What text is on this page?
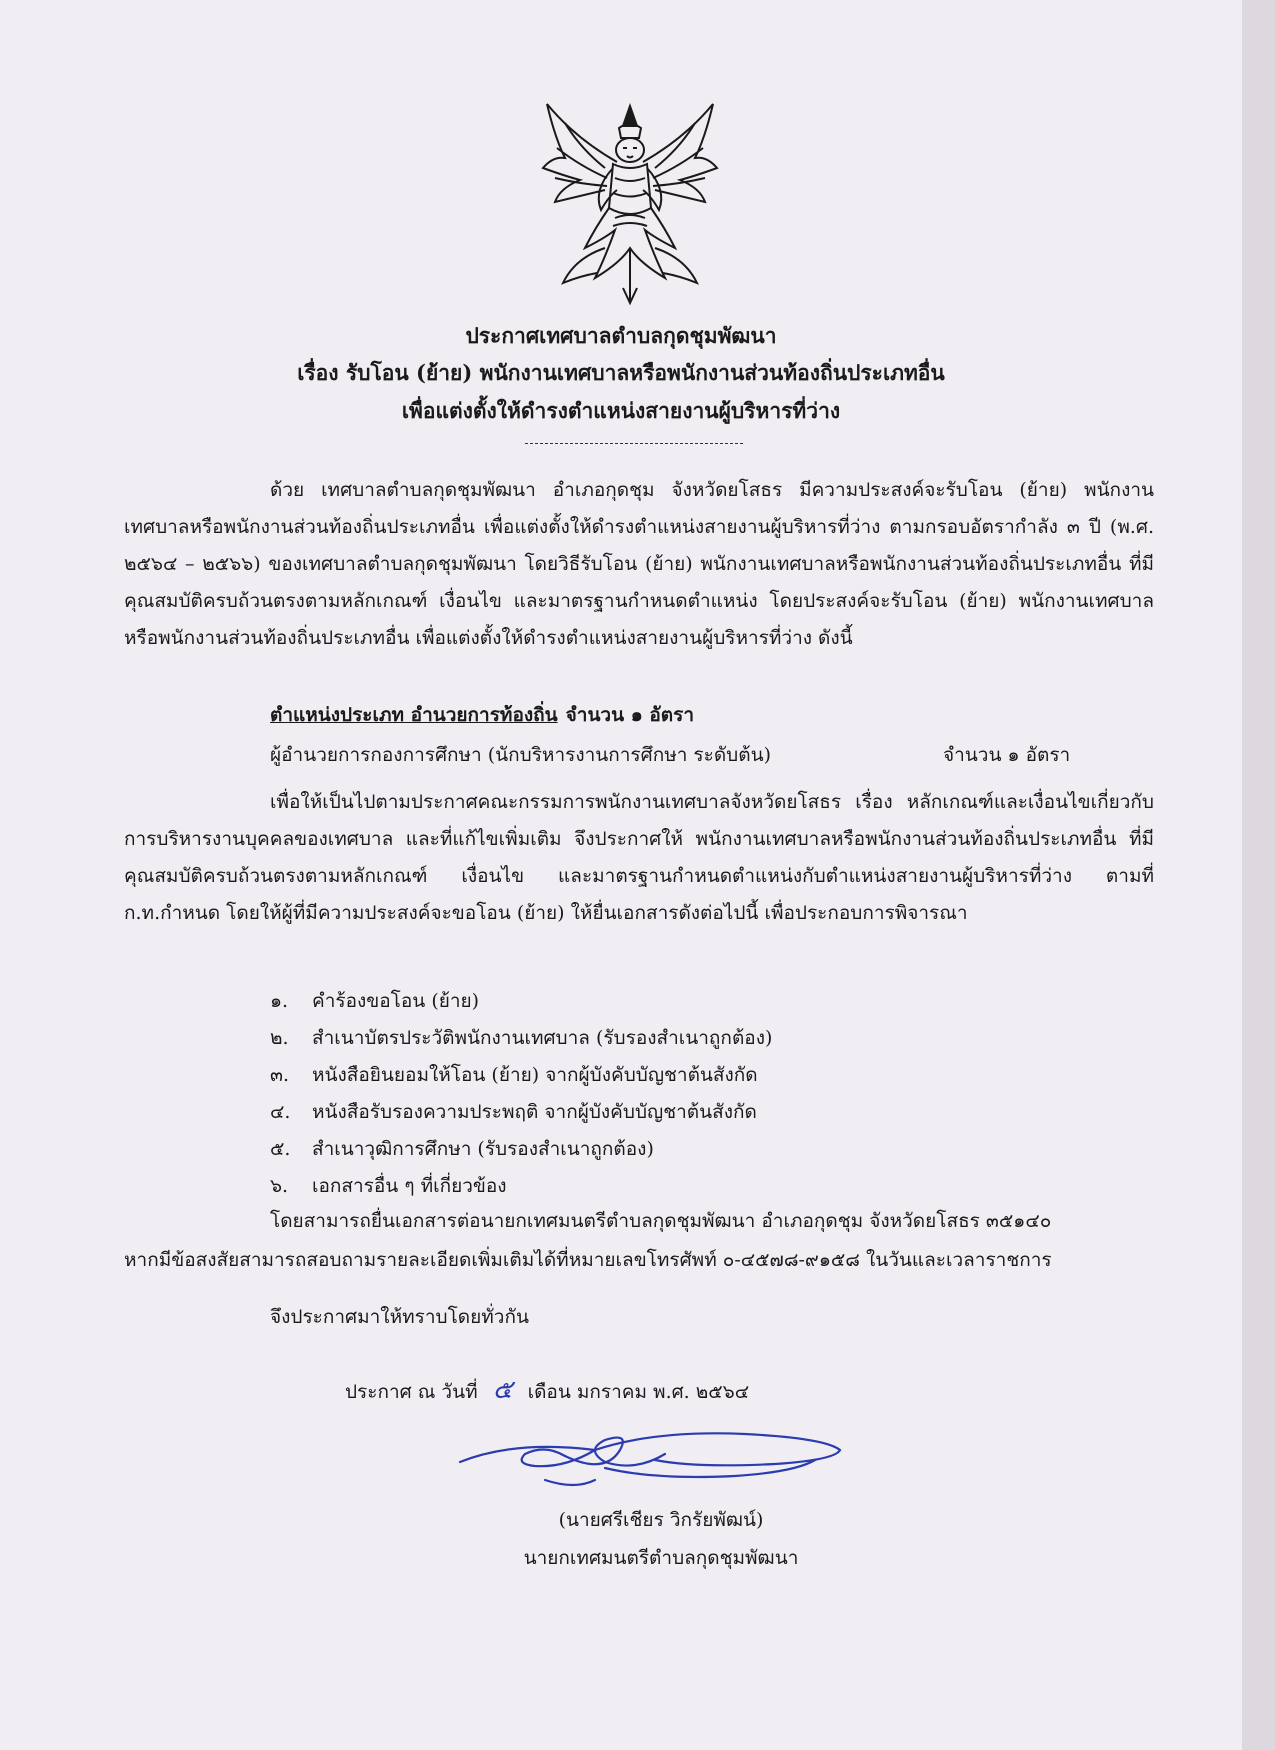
ประกาศเทศบาลตำบลกุดชุมพัฒนา
เรื่อง รับโอน (ย้าย) พนักงานเทศบาลหรือพนักงานส่วนท้องถิ่นประเภทอื่น
เพื่อแต่งตั้งให้ดำรงตำแหน่งสายงานผู้บริหารที่ว่าง
ด้วย เทศบาลตำบลกุดชุมพัฒนา อำเภอกุดชุม จังหวัดยโสธร มีความประสงค์จะรับโอน (ย้าย) พนักงานเทศบาลหรือพนักงานส่วนท้องถิ่นประเภทอื่น เพื่อแต่งตั้งให้ดำรงตำแหน่งสายงานผู้บริหารที่ว่าง ตามกรอบอัตรากำลัง ๓ ปี (พ.ศ. ๒๕๖๔ – ๒๕๖๖) ของเทศบาลตำบลกุดชุมพัฒนา โดยวิธีรับโอน (ย้าย) พนักงานเทศบาลหรือพนักงานส่วนท้องถิ่นประเภทอื่น ที่มีคุณสมบัติครบถ้วนตรงตามหลักเกณฑ์ เงื่อนไข และมาตรฐานกำหนดตำแหน่ง โดยประสงค์จะรับโอน (ย้าย) พนักงานเทศบาลหรือพนักงานส่วนท้องถิ่นประเภทอื่น เพื่อแต่งตั้งให้ดำรงตำแหน่งสายงานผู้บริหารที่ว่าง ดังนี้
ตำแหน่งประเภท อำนวยการท้องถิ่น จำนวน ๑ อัตรา
ผู้อำนวยการกองการศึกษา (นักบริหารงานการศึกษา ระดับต้น)	จำนวน ๑ อัตรา
เพื่อให้เป็นไปตามประกาศคณะกรรมการพนักงานเทศบาลจังหวัดยโสธร เรื่อง หลักเกณฑ์และเงื่อนไขเกี่ยวกับการบริหารงานบุคคลของเทศบาล และที่แก้ไขเพิ่มเติม จึงประกาศให้ พนักงานเทศบาลหรือพนักงานส่วนท้องถิ่นประเภทอื่น ที่มีคุณสมบัติครบถ้วนตรงตามหลักเกณฑ์ เงื่อนไข และมาตรฐานกำหนดตำแหน่งกับตำแหน่งสายงานผู้บริหารที่ว่าง ตามที่ ก.ท.กำหนด โดยให้ผู้ที่มีความประสงค์จะขอโอน (ย้าย) ให้ยื่นเอกสารดังต่อไปนี้ เพื่อประกอบการพิจารณา
๑.	คำร้องขอโอน (ย้าย)
๒.	สำเนาบัตรประวัติพนักงานเทศบาล (รับรองสำเนาถูกต้อง)
๓.	หนังสือยินยอมให้โอน (ย้าย) จากผู้บังคับบัญชาต้นสังกัด
๔.	หนังสือรับรองความประพฤติ จากผู้บังคับบัญชาต้นสังกัด
๕.	สำเนาวุฒิการศึกษา (รับรองสำเนาถูกต้อง)
๖.	เอกสารอื่น ๆ ที่เกี่ยวข้อง
โดยสามารถยื่นเอกสารต่อนายกเทศมนตรีตำบลกุดชุมพัฒนา อำเภอกุดชุม จังหวัดยโสธร ๓๕๑๔๐
หากมีข้อสงสัยสามารถสอบถามรายละเอียดเพิ่มเติมได้ที่หมายเลขโทรศัพท์ ๐-๔๕๗๘-๙๑๕๘ ในวันและเวลาราชการ
จึงประกาศมาให้ทราบโดยทั่วกัน
ประกาศ ณ วันที่ ๕ เดือน มกราคม พ.ศ. ๒๕๖๔
(นายศรีเชียร วิกรัยพัฒน์)
นายกเทศมนตรีตำบลกุดชุมพัฒนา
